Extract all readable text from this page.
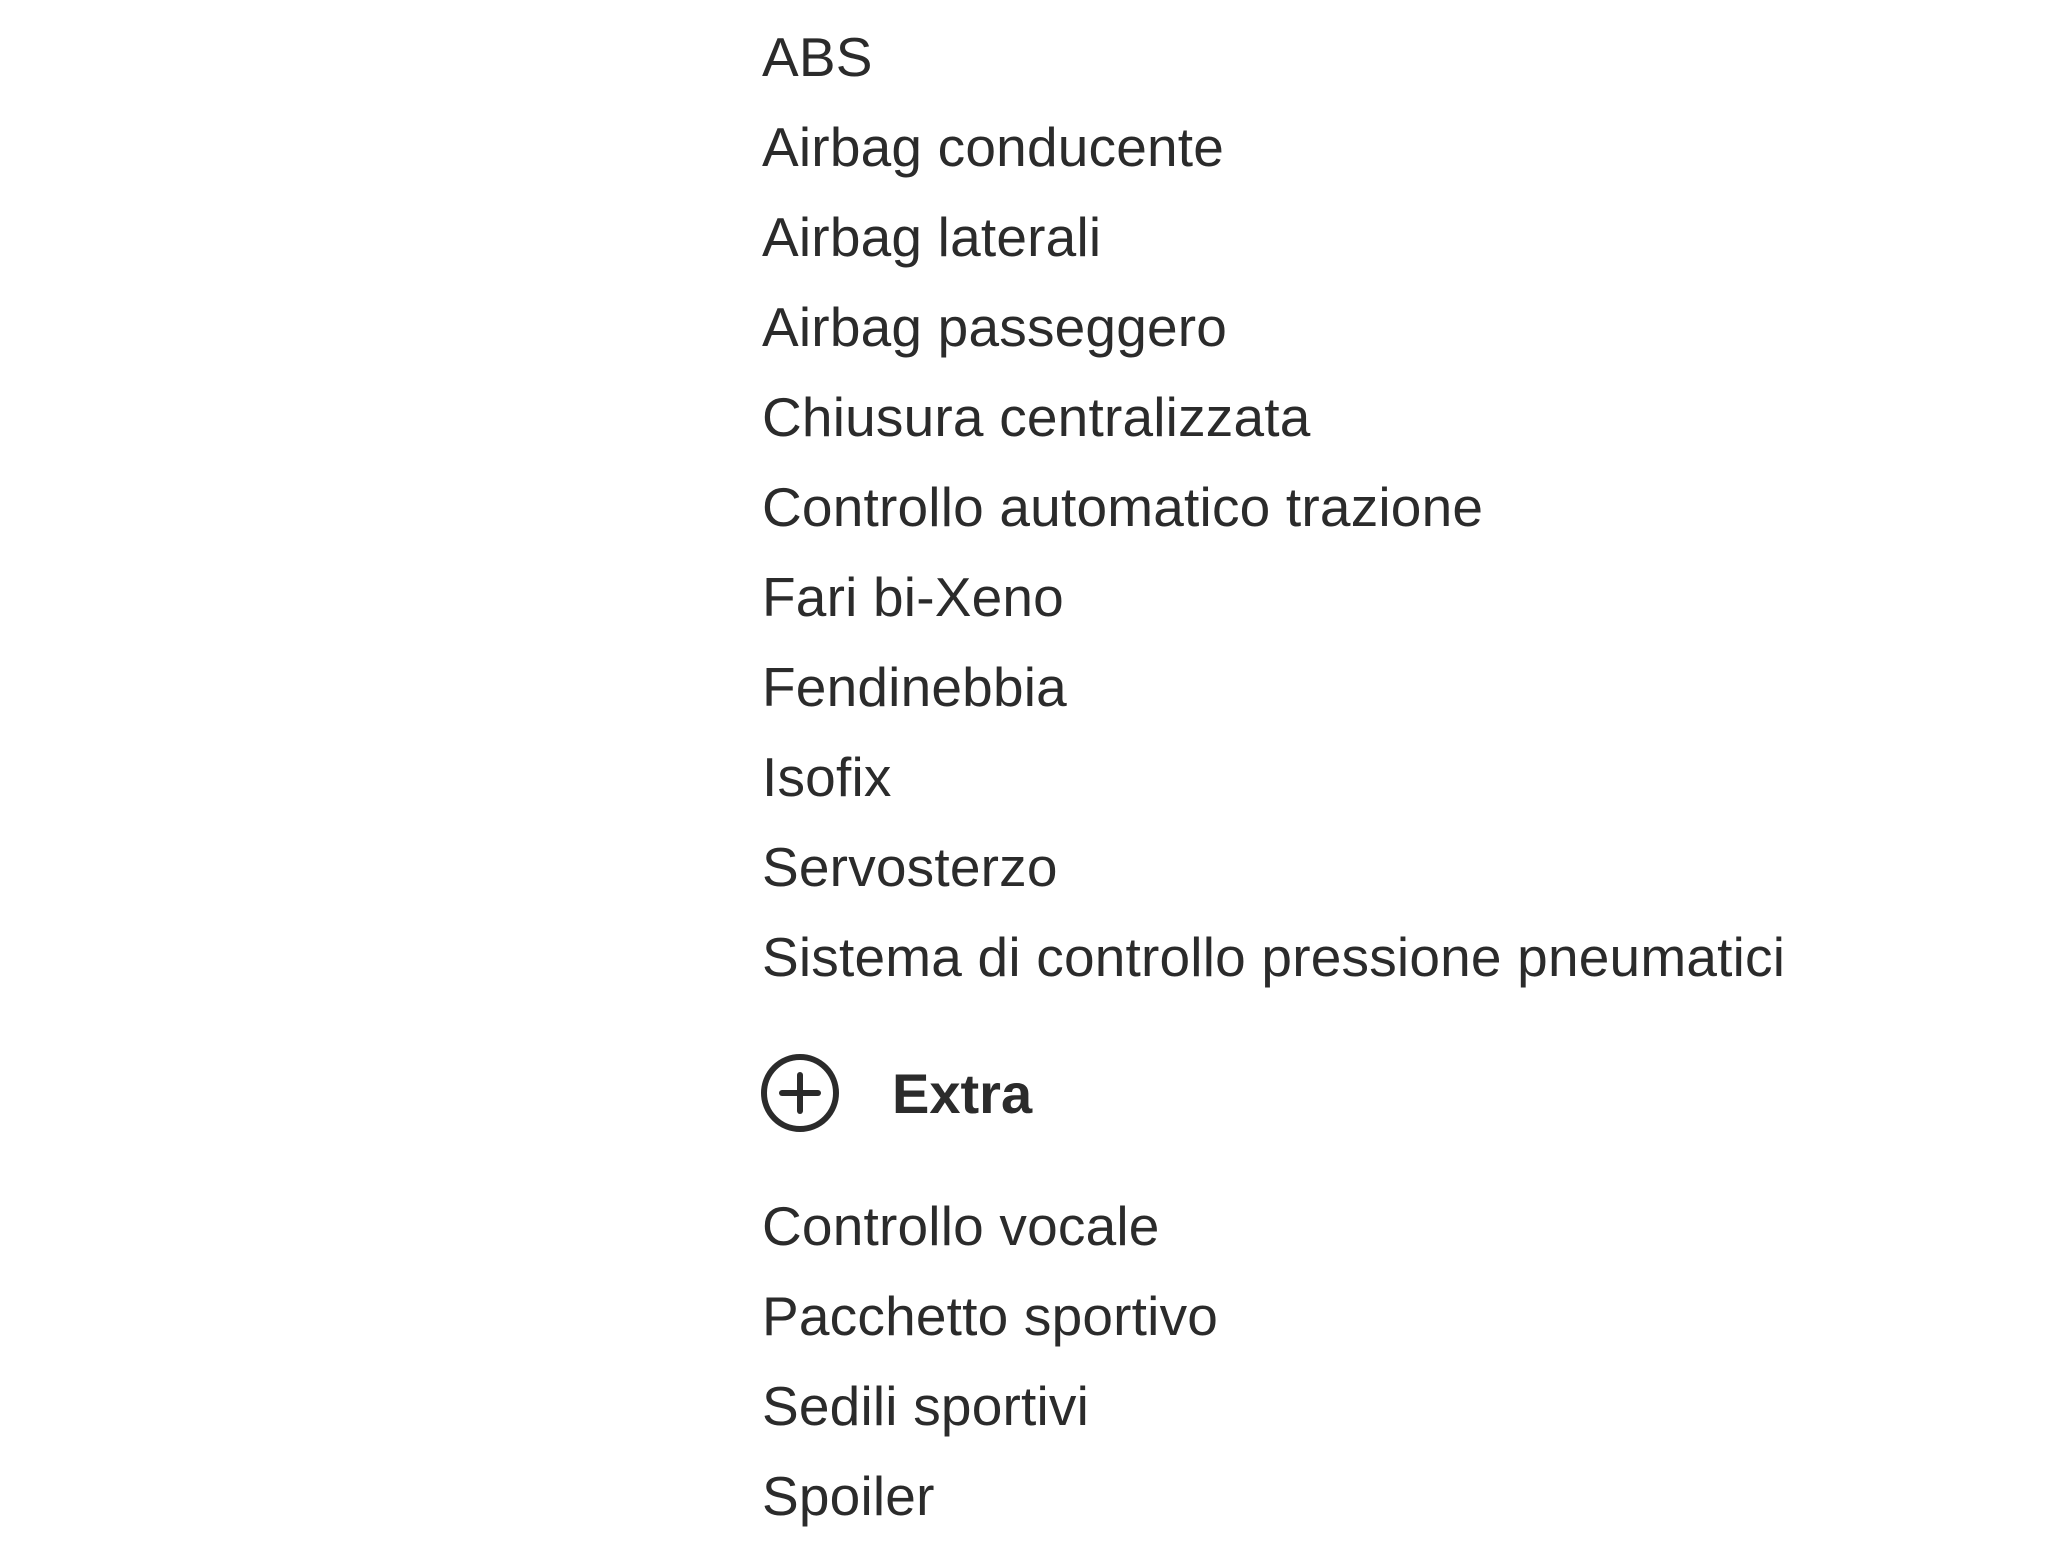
ABS
Airbag conducente
Airbag laterali
Airbag passeggero
Chiusura centralizzata
Controllo automatico trazione
Fari bi-Xeno
Fendinebbia
Isofix
Servosterzo
Sistema di controllo pressione pneumatici
Extra
Controllo vocale
Pacchetto sportivo
Sedili sportivi
Spoiler
